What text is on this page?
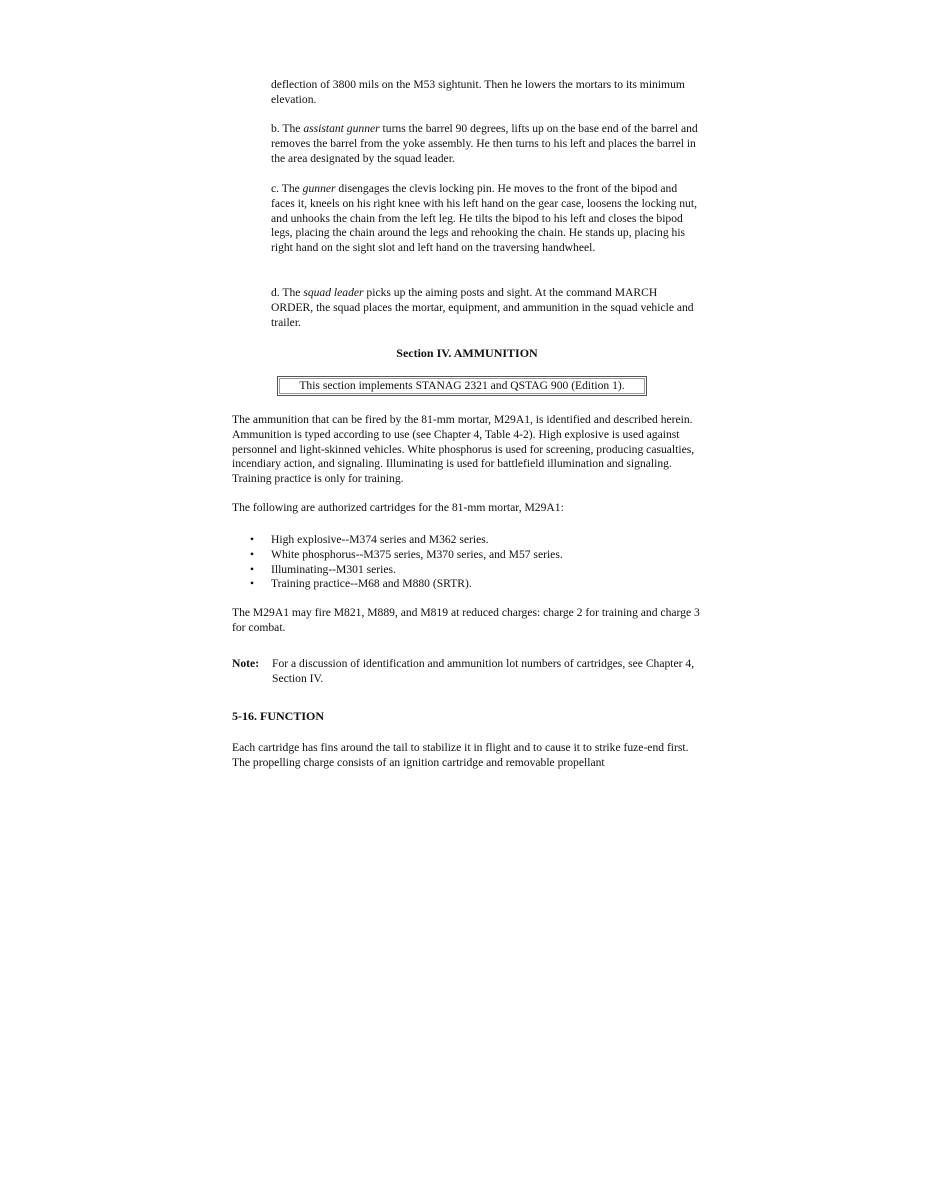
deflection of 3800 mils on the M53 sightunit. Then he lowers the mortars to its minimum elevation.

b. The assistant gunner turns the barrel 90 degrees, lifts up on the base end of the barrel and removes the barrel from the yoke assembly. He then turns to his left and places the barrel in the area designated by the squad leader.

c. The gunner disengages the clevis locking pin. He moves to the front of the bipod and faces it, kneels on his right knee with his left hand on the gear case, loosens the locking nut, and unhooks the chain from the left leg. He tilts the bipod to his left and closes the bipod legs, placing the chain around the legs and rehooking the chain. He stands up, placing his right hand on the sight slot and left hand on the traversing handwheel.

d. The squad leader picks up the aiming posts and sight. At the command MARCH ORDER, the squad places the mortar, equipment, and ammunition in the squad vehicle and trailer.

Section IV. AMMUNITION
This section implements STANAG 2321 and QSTAG 900 (Edition 1).

The ammunition that can be fired by the 81-mm mortar, M29A1, is identified and described herein. Ammunition is typed according to use (see Chapter 4, Table 4-2). High explosive is used against personnel and light-skinned vehicles. White phosphorus is used for screening, producing casualties, incendiary action, and signaling. Illuminating is used for battlefield illumination and signaling. Training practice is only for training.

The following are authorized cartridges for the 81-mm mortar, M29A1:

• High explosive--M374 series and M362 series.
• White phosphorus--M375 series, M370 series, and M57 series.
• Illuminating--M301 series.
• Training practice--M68 and M880 (SRTR).

The M29A1 may fire M821, M889, and M819 at reduced charges: charge 2 for training and charge 3 for combat.

Note: For a discussion of identification and ammunition lot numbers of cartridges, see Chapter 4, Section IV.
5-16. FUNCTION

Each cartridge has fins around the tail to stabilize it in flight and to cause it to strike fuze-end first. The propelling charge consists of an ignition cartridge and removable propellant
